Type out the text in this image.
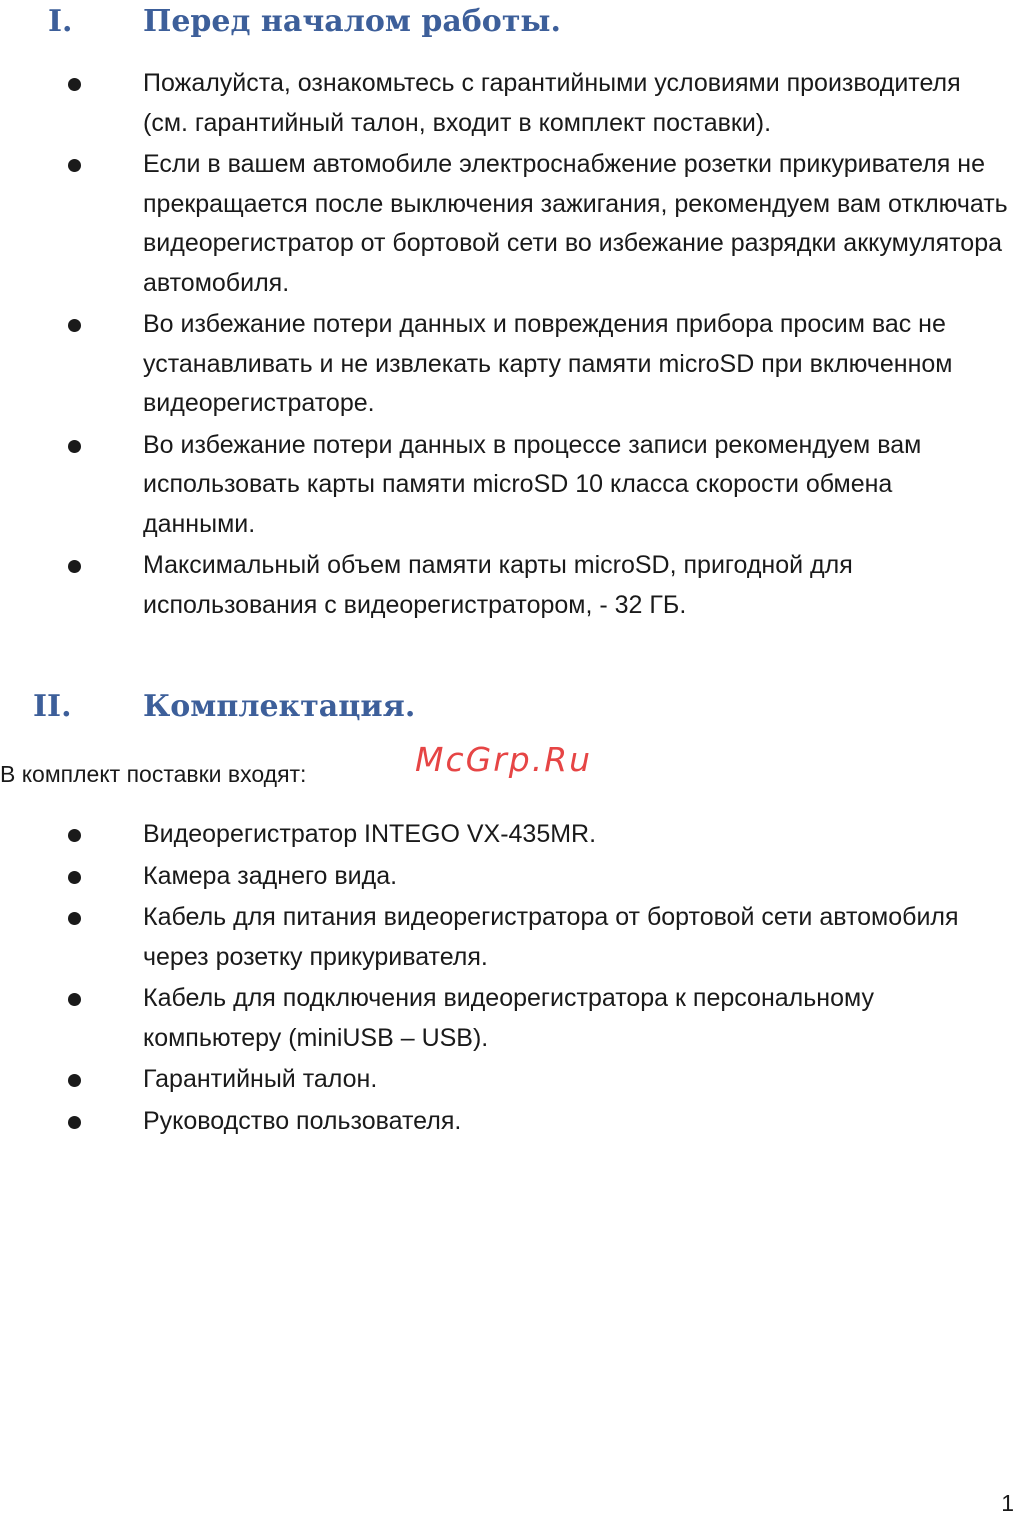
I. Перед началом работы.
Пожалуйста, ознакомьтесь с гарантийными условиями производителя (см. гарантийный талон, входит в комплект поставки).
Если в вашем автомобиле электроснабжение розетки прикуривателя не прекращается после выключения зажигания, рекомендуем вам отключать видеорегистратор от бортовой сети во избежание разрядки аккумулятора автомобиля.
Во избежание потери данных и повреждения прибора просим вас не устанавливать и не извлекать карту памяти microSD при включенном видеорегистраторе.
Во избежание потери данных в процессе записи рекомендуем вам использовать карты памяти microSD 10 класса скорости обмена данными.
Максимальный объем памяти карты microSD, пригодной для использования с видеорегистратором, - 32 ГБ.
II. Комплектация.
В комплект поставки входят:	McGrp.Ru
Видеорегистратор INTEGO VX-435MR.
Камера заднего вида.
Кабель для питания видеорегистратора от бортовой сети автомобиля через розетку прикуривателя.
Кабель для подключения видеорегистратора к персональному компьютеру (miniUSB – USB).
Гарантийный талон.
Руководство пользователя.
1
